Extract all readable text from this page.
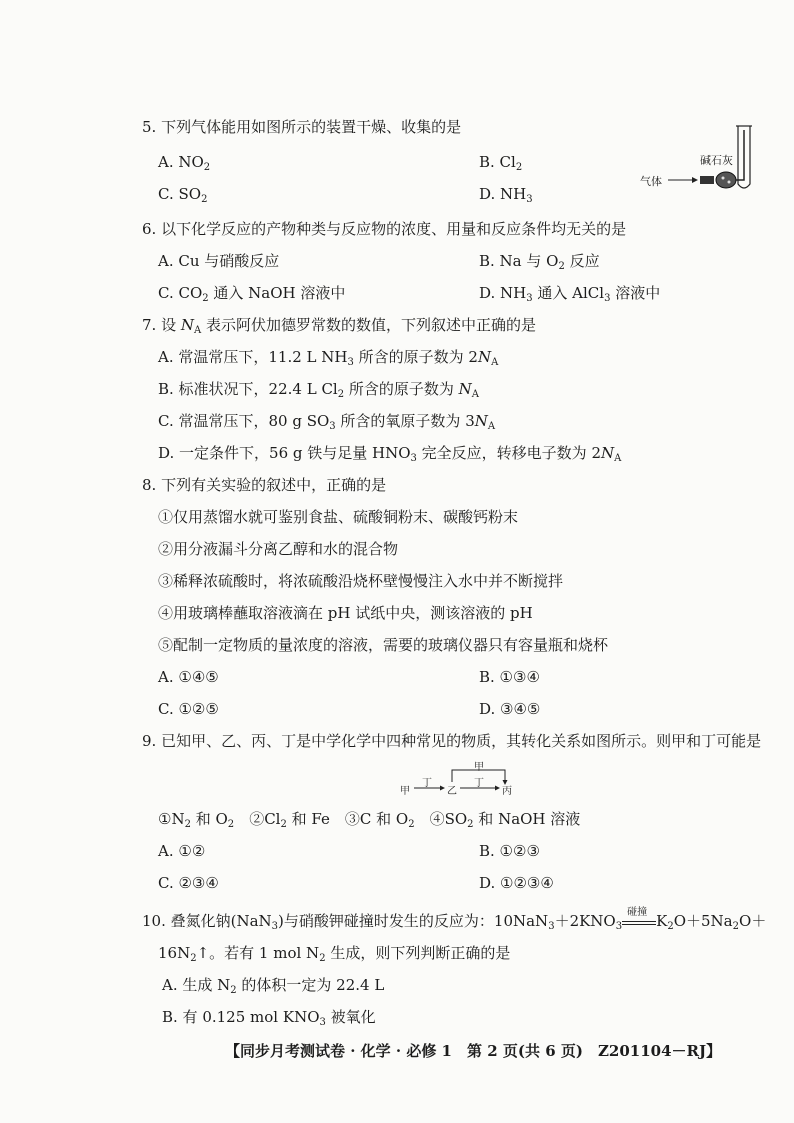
5. 下列气体能用如图所示的装置干燥、收集的是
A. $NO_2$	B. $Cl_2$
C. $SO_2$	D. $NH_3$
气体
碱石灰
6. 以下化学反应的产物种类与反应物的浓度、用量和反应条件均无关的是
A. Cu 与硝酸反应	B. Na 与 $O_2$ 反应
C. $CO_2$ 通入 NaOH 溶液中	D. $NH_3$ 通入 AlCl$_3$ 溶液中
7. 设 $N_A$ 表示阿伏加德罗常数的数值，下列叙述中正确的是
A. 常温常压下，11.2 L $NH_3$ 所含的原子数为 $2N_A$
B. 标准状况下，22.4 L $Cl_2$ 所含的原子数为 $N_A$
C. 常温常压下，80 g $SO_3$ 所含的氧原子数为 $3N_A$
D. 一定条件下，56 g 铁与足量 $HNO_3$ 完全反应，转移电子数为 $2N_A$
8. 下列有关实验的叙述中，正确的是
①仅用蒸馏水就可鉴别食盐、硫酸铜粉末、碳酸钙粉末
②用分液漏斗分离乙醇和水的混合物
③稀释浓硫酸时，将浓硫酸沿烧杯壁慢慢注入水中并不断搅拌
④用玻璃棒蘸取溶液滴在 pH 试纸中央，测该溶液的 pH
⑤配制一定物质的量浓度的溶液，需要的玻璃仪器只有容量瓶和烧杯
A. ①④⑤	B. ①③④
C. ①②⑤	D. ③④⑤
9. 已知甲、乙、丙、丁是中学化学中四种常见的物质，其转化关系如图所示。则甲和丁可能是
甲
丁
乙
丁
丙
甲
$①N_2$ 和 $O_2$　 $②Cl_2$ 和 Fe　 ③C 和 $O_2$　 $④SO_2$ 和 NaOH 溶液
A. ①②	B. ①②③
C. ②③④	D. ①②③④
10. 叠氮化钠(NaN$_3$)与硝酸钾碰撞时发生的反应为：$10NaN_3+2KNO_3$
碰撞 $K_2O+5Na_2O+$
$16N_2↑$。若有 1 mol $N_2$ 生成，则下列判断正确的是
A. 生成 $N_2$ 的体积一定为 22.4 L
B. 有 0.125 mol $KNO_3$ 被氧化
【同步月考测试卷 · 化学 · 必修 1　第 2 页(共 6 页)　Z201104－RJ】
